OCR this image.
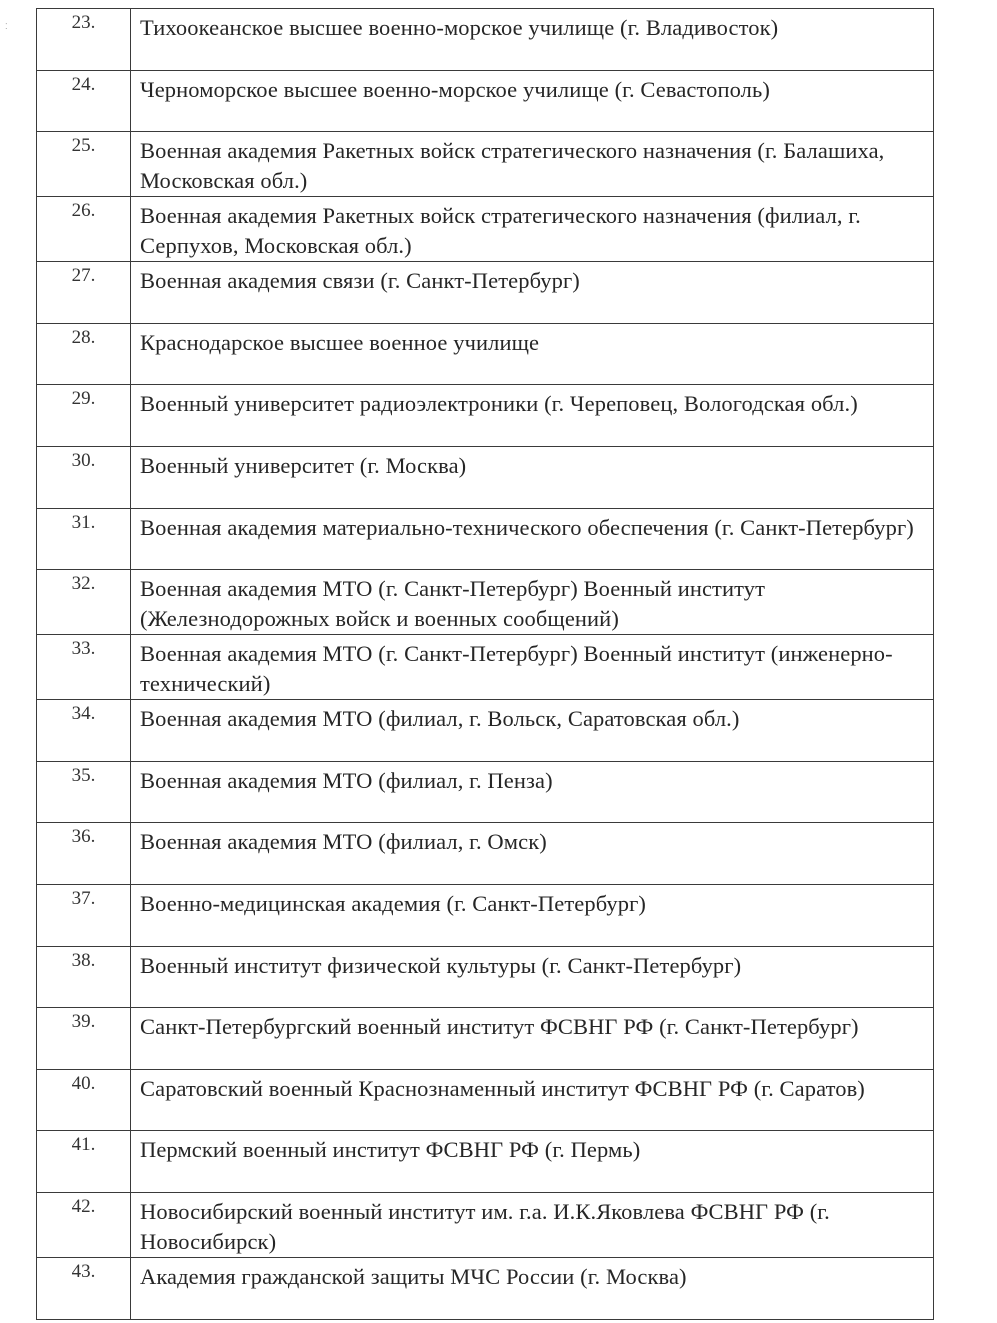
⁚	23.	Тихоокеанское высшее военно-морское училище (г. Владивосток)
24.	Черноморское высшее военно-морское училище (г. Севастополь)
25.	Военная академия Ракетных войск стратегического назначения (г. Балашиха, Московская обл.)
26.	Военная академия Ракетных войск стратегического назначения (филиал, г. Серпухов, Московская обл.)
27.	Военная академия связи (г. Санкт-Петербург)
28.	Краснодарское высшее военное училище
29.	Военный университет радиоэлектроники (г. Череповец, Вологодская обл.)
30.	Военный университет (г. Москва)
31.	Военная академия материально-технического обеспечения (г. Санкт-Петербург)
32.	Военная академия МТО (г. Санкт-Петербург) Военный институт (Железнодорожных войск и военных сообщений)
33.	Военная академия МТО (г. Санкт-Петербург) Военный институт (инженерно-технический)
34.	Военная академия МТО (филиал, г. Вольск, Саратовская обл.)
35.	Военная академия МТО (филиал, г. Пенза)
36.	Военная академия МТО (филиал, г. Омск)
37.	Военно-медицинская академия (г. Санкт-Петербург)
38.	Военный институт физической культуры (г. Санкт-Петербург)
39.	Санкт-Петербургский военный институт ФСВНГ РФ (г. Санкт-Петербург)
40.	Саратовский военный Краснознаменный институт ФСВНГ РФ (г. Саратов)
41.	Пермский военный институт ФСВНГ РФ (г. Пермь)
42.	Новосибирский военный институт им. г.а. И.К.Яковлева ФСВНГ РФ (г. Новосибирск)
43.	Академия гражданской защиты МЧС России (г. Москва)
